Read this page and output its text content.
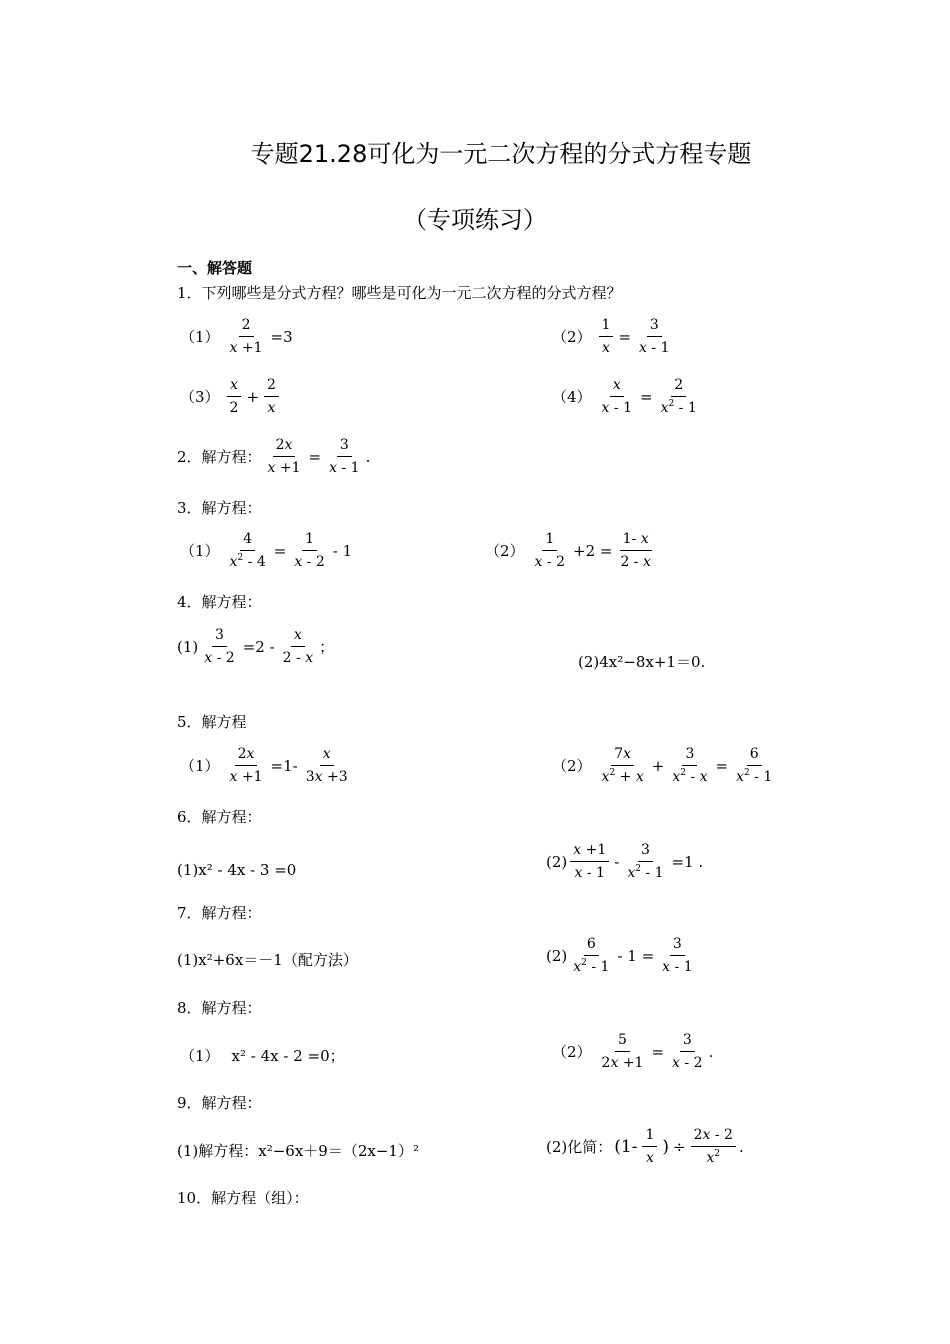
专题21.28可化为一元二次方程的分式方程专题
（专项练习）
一、解答题
1．下列哪些是分式方程？哪些是可化为一元二次方程的分式方程？
$(1) \frac{2}{x +1} =3$	$(2) \frac{1}{x} = \frac{3}{x - 1}$
$(3) \frac{x}{2} + \frac{2}{x}$	$(4) \frac{x}{x - 1} = \frac{2}{x^2 - 1}$
2．解方程： $\frac{2x}{x +1} = \frac{3}{x - 1}$ .
3．解方程：
$(1) \frac{4}{x^2 - 4} = \frac{1}{x - 2} - 1$	$(2) \frac{1}{x - 2} +2 = \frac{1- x}{2 - x}$
4．解方程：
$(1) \frac{3}{x - 2} =2 - \frac{x}{2 - x}$ ；
(2)4x²−8x+1＝0.
5．解方程
$(1) \frac{2x}{x +1} =1- \frac{x}{3x +3}$	$(2) \frac{7x}{x^2 + x} + \frac{3}{x^2 - x} = \frac{6}{x^2 - 1}$
6．解方程：
(1)x² - 4x - 3 =0	$(2) \frac{x +1}{x - 1} - \frac{3}{x^2 - 1} =1$ .
7．解方程：
(1)x²+6x＝－1（配方法）	$(2) \frac{6}{x^2 - 1} - 1 = \frac{3}{x - 1}$
8．解方程：
（1） x² - 4x - 2 =0；	$(2) \frac{5}{2x +1} = \frac{3}{x - 2}$ .
9．解方程：
(1)解方程：x²−6x＋9＝（2x−1）²	(2)化简： ($1- \frac{1}{x}$ ) ÷ $\frac{2x - 2}{x^2}$ .
10．解方程（组）：
